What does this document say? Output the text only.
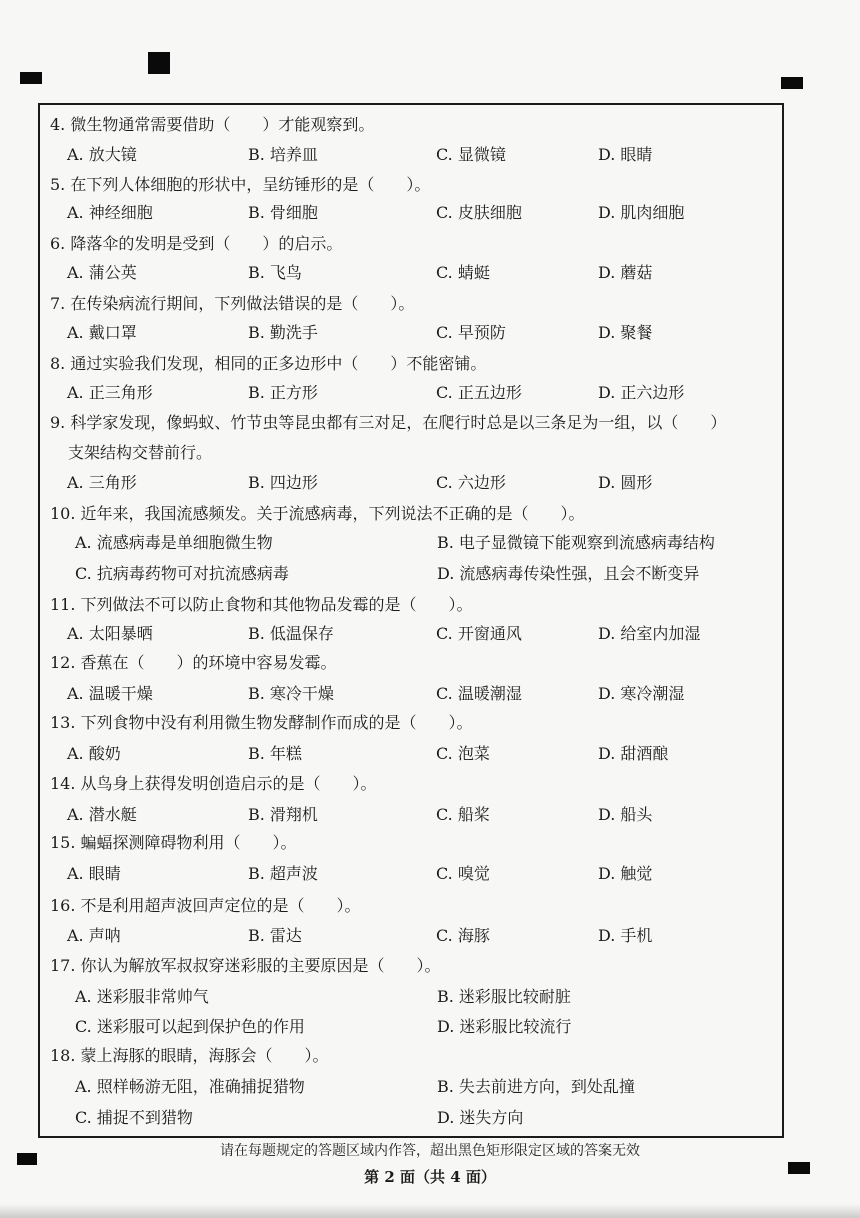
4. 微生物通常需要借助（　　）才能观察到。
A. 放大镜	B. 培养皿	C. 显微镜	D. 眼睛
5. 在下列人体细胞的形状中，呈纺锤形的是（　　）。
A. 神经细胞	B. 骨细胞	C. 皮肤细胞	D. 肌肉细胞
6. 降落伞的发明是受到（　　）的启示。
A. 蒲公英	B. 飞鸟	C. 蜻蜓	D. 蘑菇
7. 在传染病流行期间，下列做法错误的是（　　）。
A. 戴口罩	B. 勤洗手	C. 早预防	D. 聚餐
8. 通过实验我们发现，相同的正多边形中（　　）不能密铺。
A. 正三角形	B. 正方形	C. 正五边形	D. 正六边形
9. 科学家发现，像蚂蚁、竹节虫等昆虫都有三对足，在爬行时总是以三条足为一组，以（　　）
支架结构交替前行。
A. 三角形	B. 四边形	C. 六边形	D. 圆形
10. 近年来，我国流感频发。关于流感病毒，下列说法不正确的是（　　）。
A. 流感病毒是单细胞微生物	B. 电子显微镜下能观察到流感病毒结构
C. 抗病毒药物可对抗流感病毒	D. 流感病毒传染性强，且会不断变异
11. 下列做法不可以防止食物和其他物品发霉的是（　　）。
A. 太阳暴晒	B. 低温保存	C. 开窗通风	D. 给室内加湿
12. 香蕉在（　　）的环境中容易发霉。
A. 温暖干燥	B. 寒冷干燥	C. 温暖潮湿	D. 寒冷潮湿
13. 下列食物中没有利用微生物发酵制作而成的是（　　）。
A. 酸奶	B. 年糕	C. 泡菜	D. 甜酒酿
14. 从鸟身上获得发明创造启示的是（　　）。
A. 潜水艇	B. 滑翔机	C. 船桨	D. 船头
15. 蝙蝠探测障碍物利用（　　）。
A. 眼睛	B. 超声波	C. 嗅觉	D. 触觉
16. 不是利用超声波回声定位的是（　　）。
A. 声呐	B. 雷达	C. 海豚	D. 手机
17. 你认为解放军叔叔穿迷彩服的主要原因是（　　）。
A. 迷彩服非常帅气	B. 迷彩服比较耐脏
C. 迷彩服可以起到保护色的作用	D. 迷彩服比较流行
18. 蒙上海豚的眼睛，海豚会（　　）。
A. 照样畅游无阻，准确捕捉猎物	B. 失去前进方向，到处乱撞
C. 捕捉不到猎物	D. 迷失方向
请在每题规定的答题区域内作答，超出黑色矩形限定区域的答案无效
第 2 面（共 4 面）
